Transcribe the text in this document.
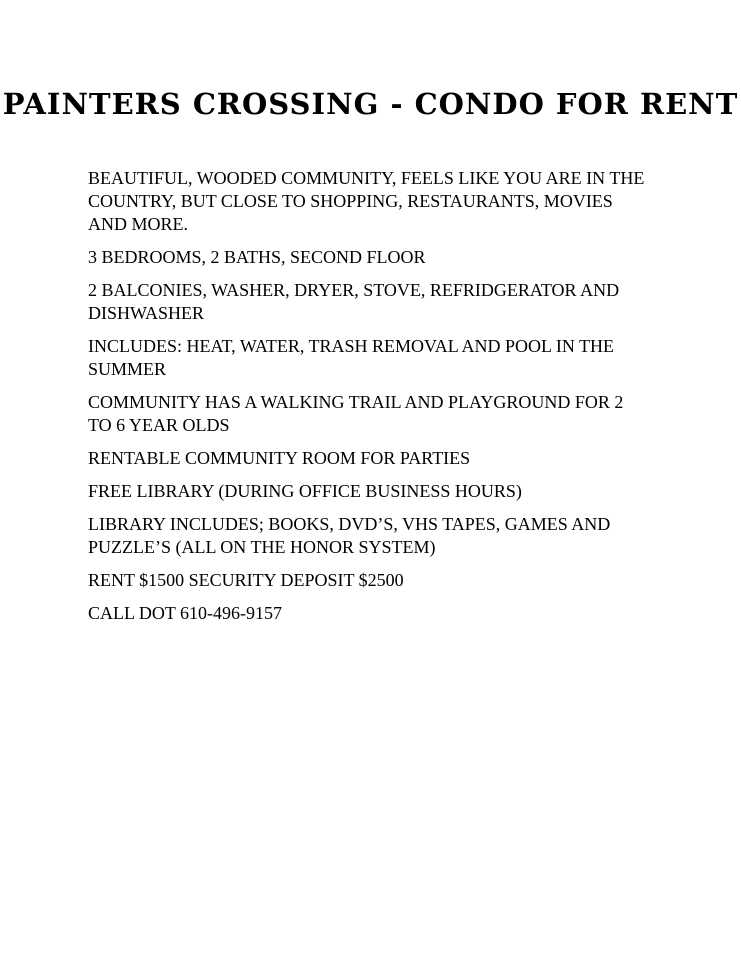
PAINTERS CROSSING - CONDO FOR RENT

BEAUTIFUL, WOODED COMMUNITY, FEELS LIKE YOU ARE IN THE COUNTRY, BUT CLOSE TO SHOPPING, RESTAURANTS, MOVIES AND MORE.

3 BEDROOMS, 2 BATHS, SECOND FLOOR

2 BALCONIES, WASHER, DRYER, STOVE, REFRIDGERATOR AND DISHWASHER

INCLUDES: HEAT, WATER, TRASH REMOVAL AND POOL IN THE SUMMER

COMMUNITY HAS A WALKING TRAIL AND PLAYGROUND FOR 2 TO 6 YEAR OLDS

RENTABLE COMMUNITY ROOM FOR PARTIES

FREE LIBRARY (DURING OFFICE BUSINESS HOURS)

LIBRARY INCLUDES; BOOKS, DVD’S, VHS TAPES, GAMES AND PUZZLE’S (ALL ON THE HONOR SYSTEM)

RENT $1500 SECURITY DEPOSIT $2500

CALL DOT 610-496-9157
